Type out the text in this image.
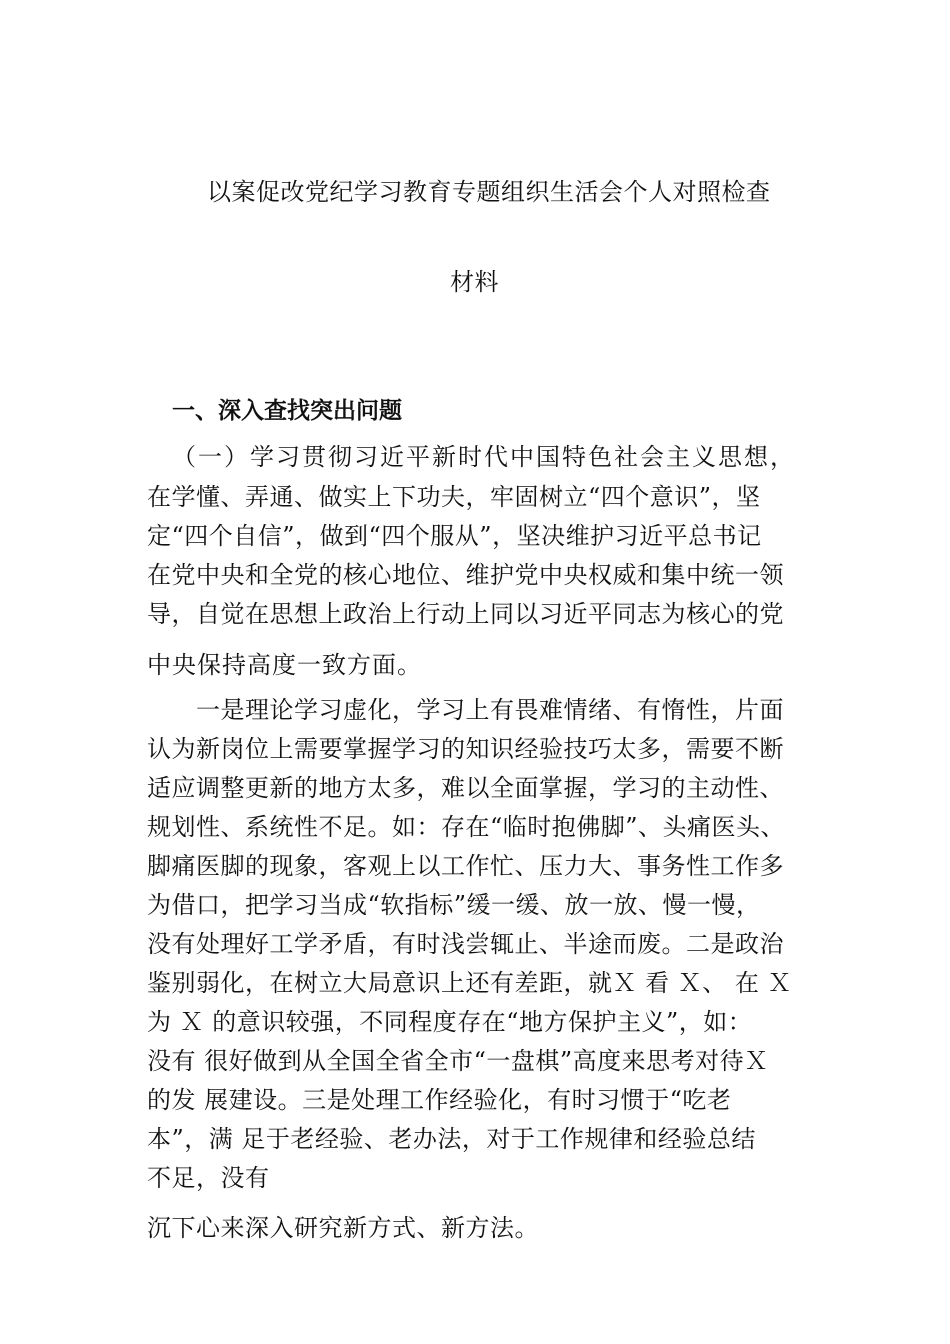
以案促改党纪学习教育专题组织生活会个人对照检查
材料
一、深入查找突出问题
（一）学习贯彻习近平新时代中国特色社会主义思想，
在学懂、弄通、做实上下功夫，牢固树立“四个意识”，坚
定“四个自信”，做到“四个服从”，坚决维护习近平总书记
在党中央和全党的核心地位、维护党中央权威和集中统一领
导，自觉在思想上政治上行动上同以习近平同志为核心的党
中央保持高度一致方面。
一是理论学习虚化，学习上有畏难情绪、有惰性，片面
认为新岗位上需要掌握学习的知识经验技巧太多，需要不断
适应调整更新的地方太多，难以全面掌握，学习的主动性、
规划性、系统性不足。如：存在“临时抱佛脚”、头痛医头、
脚痛医脚的现象，客观上以工作忙、压力大、事务性工作多
为借口，把学习当成“软指标”缓一缓、放一放、慢一慢，
没有处理好工学矛盾，有时浅尝辄止、半途而废。二是政治
鉴别弱化，在树立大局意识上还有差距，就Ｘ 看 Ｘ、 在 Ｘ
为 Ｘ 的意识较强，不同程度存在“地方保护主义”，如：
没有 很好做到从全国全省全市“一盘棋”高度来思考对待Ｘ
的发 展建设。三是处理工作经验化，有时习惯于“吃老
本”，满 足于老经验、老办法，对于工作规律和经验总结
不足，没有
沉下心来深入研究新方式、新方法。
